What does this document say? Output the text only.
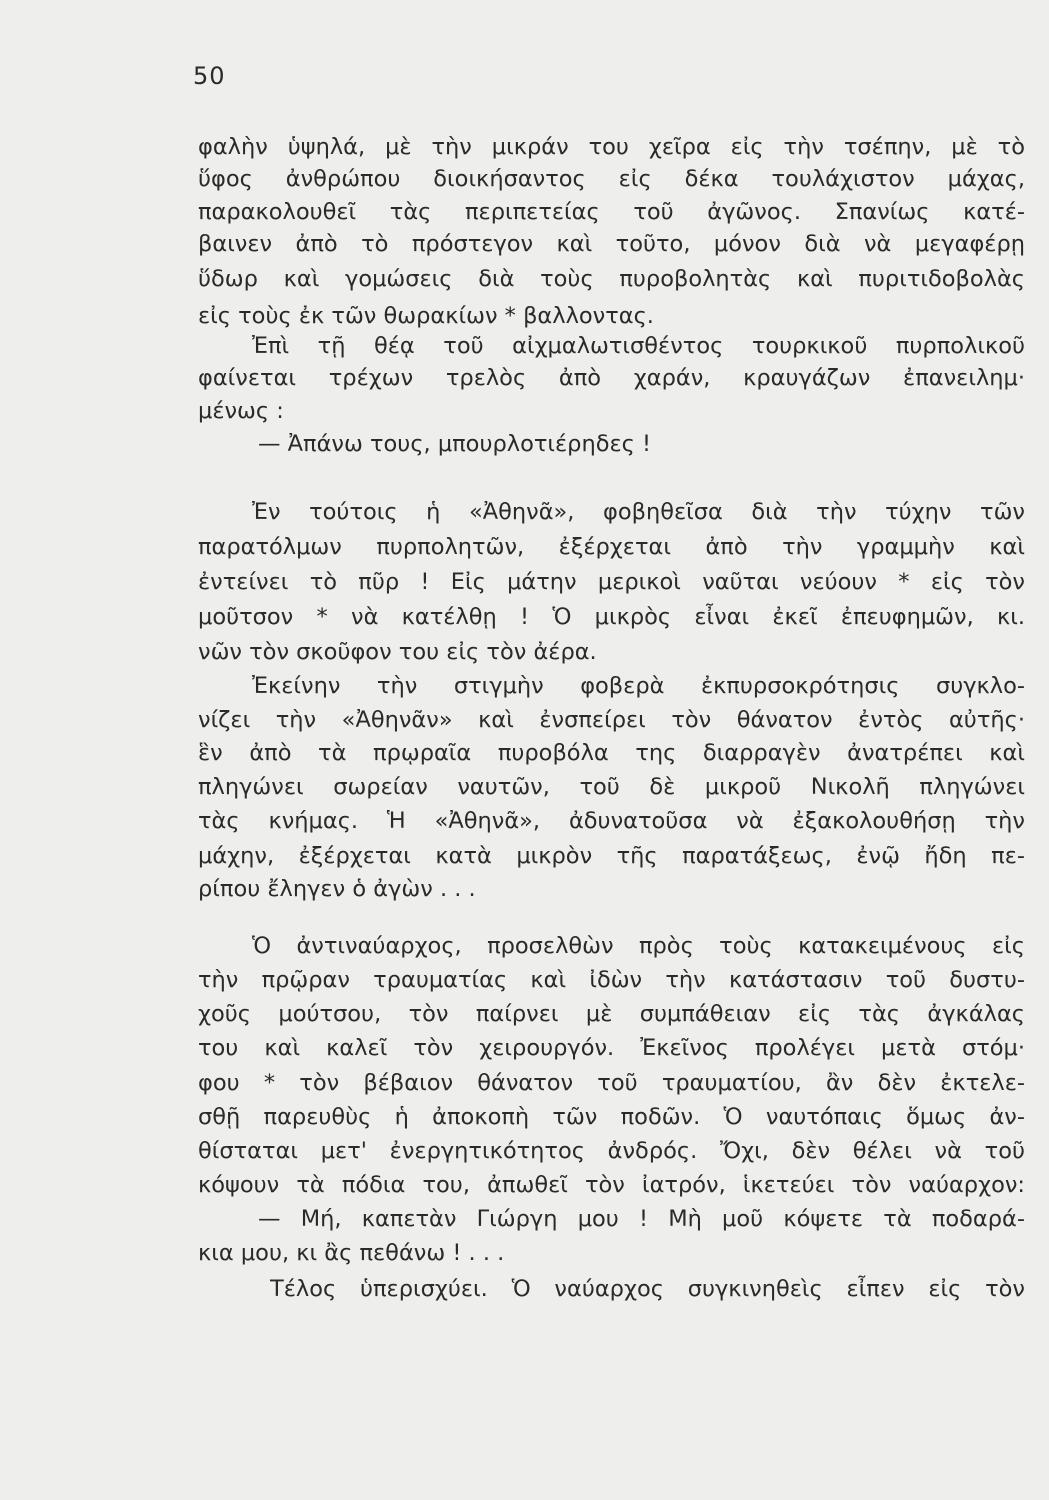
50
φαλὴν ὑψηλά, μὲ τὴν μικράν του χεῖρα εἰς τὴν τσέπην, μὲ τὸ
ὕφος ἀνθρώπου διοικήσαντος εἰς δέκα τουλάχιστον μάχας,
παρακολουθεῖ τὰς περιπετείας τοῦ ἀγῶνος. Σπανίως κατέ-
βαινεν ἀπὸ τὸ πρόστεγον καὶ τοῦτο, μόνον διὰ νὰ μεγαφέρῃ
ὕδωρ καὶ γομώσεις διὰ τοὺς πυροβολητὰς καὶ πυριτιδοβολὰς
εἰς τοὺς ἐκ τῶν θωρακίων * βαλλοντας.
Ἐπὶ τῇ θέᾳ τοῦ αἰχμαλωτισθέντος τουρκικοῦ πυρπολικοῦ
φαίνεται τρέχων τρελὸς ἀπὸ χαράν, κραυγάζων ἐπανειλημ·
μένως :
— Ἀπάνω τους, μπουρλοτιέρηδες !
Ἐν τούτοις ἡ «Ἀθηνᾶ», φοβηθεῖσα διὰ τὴν τύχην τῶν
παρατόλμων πυρπολητῶν, ἐξέρχεται ἀπὸ τὴν γραμμὴν καὶ
ἐντείνει τὸ πῦρ ! Εἰς μάτην μερικοὶ ναῦται νεύουν * εἰς τὸν
μοῦτσον * νὰ κατέλθῃ ! Ὁ μικρὸς εἶναι ἐκεῖ ἐπευφημῶν, κι.
νῶν τὸν σκοῦφον του εἰς τὸν ἀέρα.
Ἐκείνην τὴν στιγμὴν φοβερὰ ἐκπυρσοκρότησις συγκλο-
νίζει τὴν «Ἀθηνᾶν» καὶ ἐνσπείρει τὸν θάνατον ἐντὸς αὐτῆς·
ἓν ἀπὸ τὰ πρῳραῖα πυροβόλα της διαρραγὲν ἀνατρέπει καὶ
πληγώνει σωρείαν ναυτῶν, τοῦ δὲ μικροῦ Νικολῆ πληγώνει
τὰς κνήμας. Ἡ «Ἀθηνᾶ», ἀδυνατοῦσα νὰ ἐξακολουθήσῃ τὴν
μάχην, ἐξέρχεται κατὰ μικρὸν τῆς παρατάξεως, ἐνῷ ἤδη πε-
ρίπου ἔληγεν ὁ ἀγὼν . . .
Ὁ ἀντιναύαρχος, προσελθὼν πρὸς τοὺς κατακειμένους εἰς
τὴν πρῷραν τραυματίας καὶ ἰδὼν τὴν κατάστασιν τοῦ δυστυ-
χοῦς μούτσου, τὸν παίρνει μὲ συμπάθειαν εἰς τὰς ἀγκάλας
του καὶ καλεῖ τὸν χειρουργόν. Ἐκεῖνος προλέγει μετὰ στόμ·
φου * τὸν βέβαιον θάνατον τοῦ τραυματίου, ἂν δὲν ἐκτελε-
σθῇ παρευθὺς ἡ ἀποκοπὴ τῶν ποδῶν. Ὁ ναυτόπαις ὅμως ἀν-
θίσταται μετ' ἐνεργητικότητος ἀνδρός. Ὄχι, δὲν θέλει νὰ τοῦ
κόψουν τὰ πόδια του, ἀπωθεῖ τὸν ἰατρόν, ἱκετεύει τὸν ναύαρχον:
— Μή, καπετὰν Γιώργη μου ! Μὴ μοῦ κόψετε τὰ ποδαρά-
κια μου, κι ἂς πεθάνω ! . . .
Τέλος ὑπερισχύει. Ὁ ναύαρχος συγκινηθεὶς εἶπεν εἰς τὸν
